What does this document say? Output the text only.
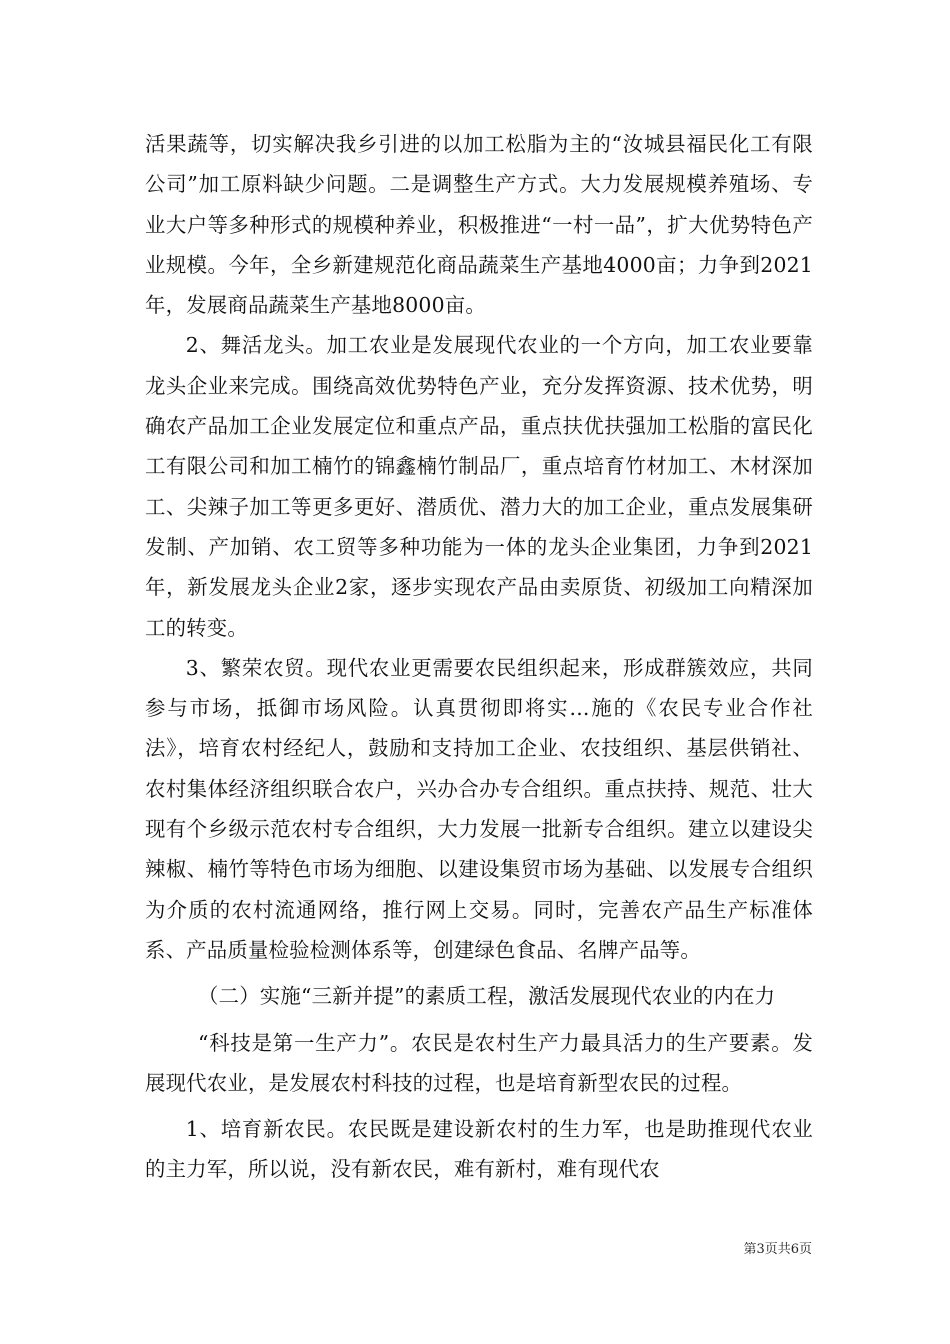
活果蔬等，切实解决我乡引进的以加工松脂为主的“汝城县福民化工有限公司”加工原料缺少问题。二是调整生产方式。大力发展规模养殖场、专业大户等多种形式的规模种养业，积极推进“一村一品”，扩大优势特色产业规模。今年，全乡新建规范化商品蔬菜生产基地4000亩；力争到2021年，发展商品蔬菜生产基地8000亩。

2、舞活龙头。加工农业是发展现代农业的一个方向，加工农业要靠龙头企业来完成。围绕高效优势特色产业，充分发挥资源、技术优势，明确农产品加工企业发展定位和重点产品，重点扶优扶强加工松脂的富民化工有限公司和加工楠竹的锦鑫楠竹制品厂，重点培育竹材加工、木材深加工、尖辣子加工等更多更好、潜质优、潜力大的加工企业，重点发展集研发制、产加销、农工贸等多种功能为一体的龙头企业集团，力争到2021年，新发展龙头企业2家，逐步实现农产品由卖原货、初级加工向精深加工的转变。

3、繁荣农贸。现代农业更需要农民组织起来，形成群簇效应，共同参与市场，抵御市场风险。认真贯彻即将实...施的《农民专业合作社法》，培育农村经纪人，鼓励和支持加工企业、农技组织、基层供销社、农村集体经济组织联合农户，兴办合办专合组织。重点扶持、规范、壮大现有个乡级示范农村专合组织，大力发展一批新专合组织。建立以建设尖辣椒、楠竹等特色市场为细胞、以建设集贸市场为基础、以发展专合组织为介质的农村流通网络，推行网上交易。同时，完善农产品生产标准体系、产品质量检验检测体系等，创建绿色食品、名牌产品等。

（二）实施“三新并提”的素质工程，激活发展现代农业的内在力

“科技是第一生产力”。农民是农村生产力最具活力的生产要素。发展现代农业，是发展农村科技的过程，也是培育新型农民的过程。

1、培育新农民。农民既是建设新农村的生力军，也是助推现代农业的主力军，所以说，没有新农民，难有新村，难有现代农

第3页共6页
